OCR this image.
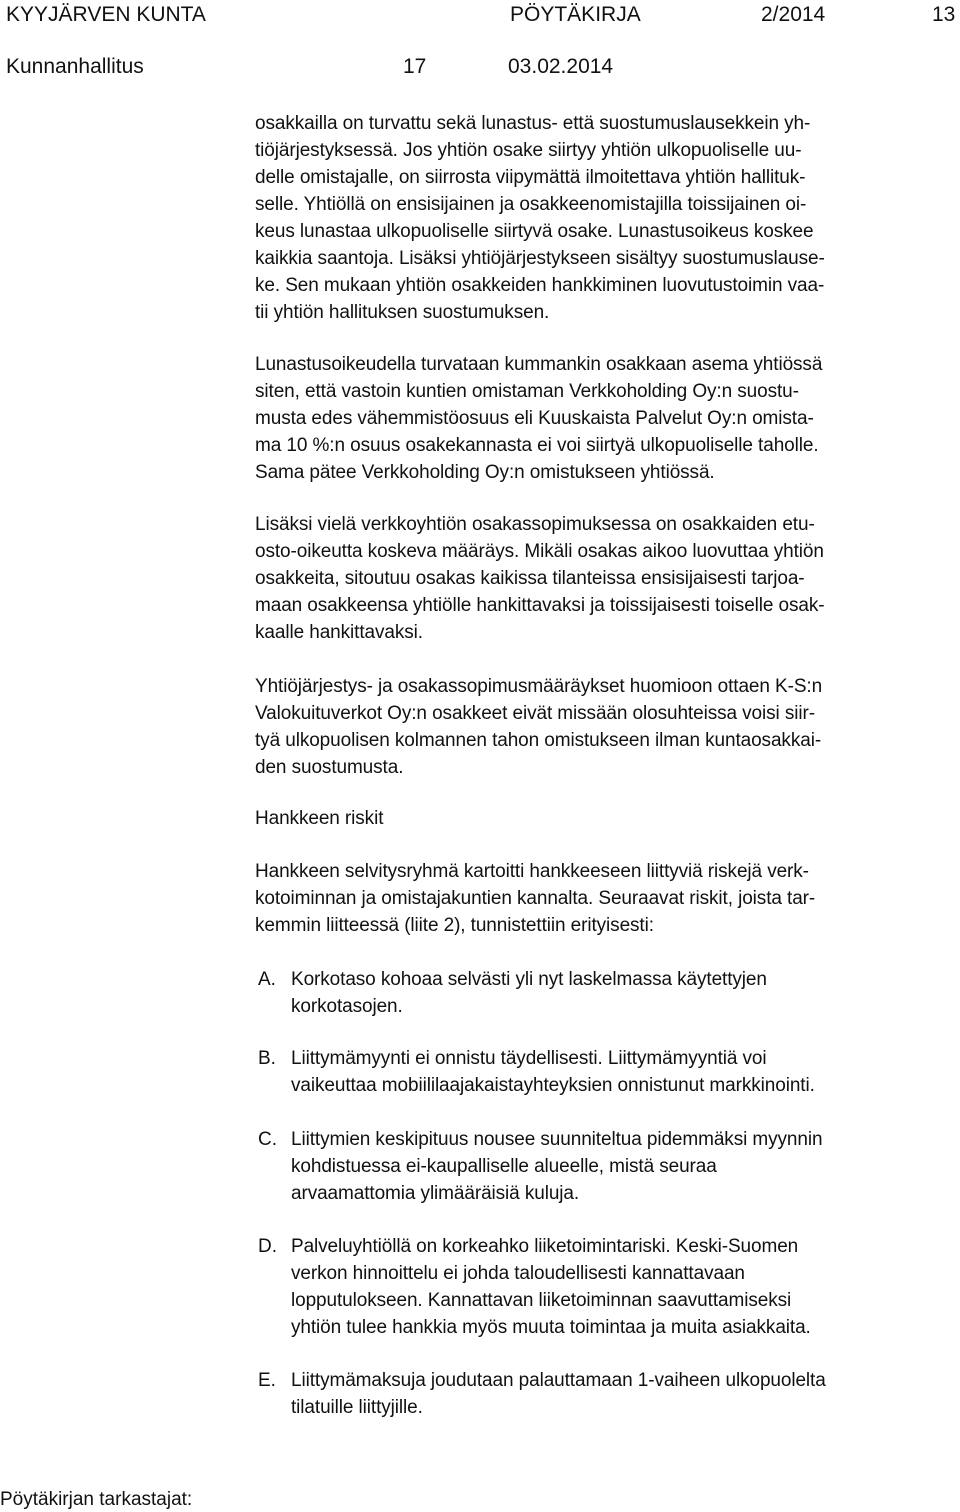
KYYJÄRVEN KUNTA	PÖYTÄKIRJA	2/2014	13
Kunnanhallitus	17	03.02.2014
osakkailla on turvattu sekä lunastus- että suostumuslausekkein yh-
tiöjärjestyksessä. Jos yhtiön osake siirtyy yhtiön ulkopuoliselle uu-
delle omistajalle, on siirrosta viipymättä ilmoitettava yhtiön hallituk-
selle. Yhtiöllä on ensisijainen ja osakkeenomistajilla toissijainen oi-
keus lunastaa ulkopuoliselle siirtyvä osake. Lunastusoikeus koskee
kaikkia saantoja. Lisäksi yhtiöjärjestykseen sisältyy suostumuslause-
ke. Sen mukaan yhtiön osakkeiden hankkiminen luovutustoimin vaa-
tii yhtiön hallituksen suostumuksen.
Lunastusoikeudella turvataan kummankin osakkaan asema yhtiössä
siten, että vastoin kuntien omistaman Verkkoholding Oy:n suostu-
musta edes vähemmistöosuus eli Kuuskaista Palvelut Oy:n omista-
ma 10 %:n osuus osakekannasta ei voi siirtyä ulkopuoliselle taholle.
Sama pätee Verkkoholding Oy:n omistukseen yhtiössä.
Lisäksi vielä verkkoyhtiön osakassopimuksessa on osakkaiden etu-
osto-oikeutta koskeva määräys. Mikäli osakas aikoo luovuttaa yhtiön
osakkeita, sitoutuu osakas kaikissa tilanteissa ensisijaisesti tarjoa-
maan osakkeensa yhtiölle hankittavaksi ja toissijaisesti toiselle osak-
kaalle hankittavaksi.
Yhtiöjärjestys- ja osakassopimusmääräykset huomioon ottaen K-S:n
Valokuituverkot Oy:n osakkeet eivät missään olosuhteissa voisi siir-
tyä ulkopuolisen kolmannen tahon omistukseen ilman kuntaosakkai-
den suostumusta.
Hankkeen riskit
Hankkeen selvitysryhmä kartoitti hankkeeseen liittyviä riskejä verk-
kotoiminnan ja omistajakuntien kannalta. Seuraavat riskit, joista tar-
kemmin liitteessä (liite 2), tunnistettiin erityisesti:
A. Korkotaso kohoaa selvästi yli nyt laskelmassa käytettyjen
korkotasojen.
B. Liittymämyynti ei onnistu täydellisesti. Liittymämyyntiä voi
vaikeuttaa mobiililaajakaistayhteyksien onnistunut markkinointi.
C. Liittymien keskipituus nousee suunniteltua pidemmäksi myynnin
kohdistuessa ei-kaupalliselle alueelle, mistä seuraa
arvaamattomia ylimääräisiä kuluja.
D. Palveluyhtiöllä on korkeahko liiketoimintariski. Keski-Suomen
verkon hinnoittelu ei johda taloudellisesti kannattavaan
lopputulokseen. Kannattavan liiketoiminnan saavuttamiseksi
yhtiön tulee hankkia myös muuta toimintaa ja muita asiakkaita.
E. Liittymämaksuja joudutaan palauttamaan 1-vaiheen ulkopuolelta
tilatuille liittyjille.
Pöytäkirjan tarkastajat:
